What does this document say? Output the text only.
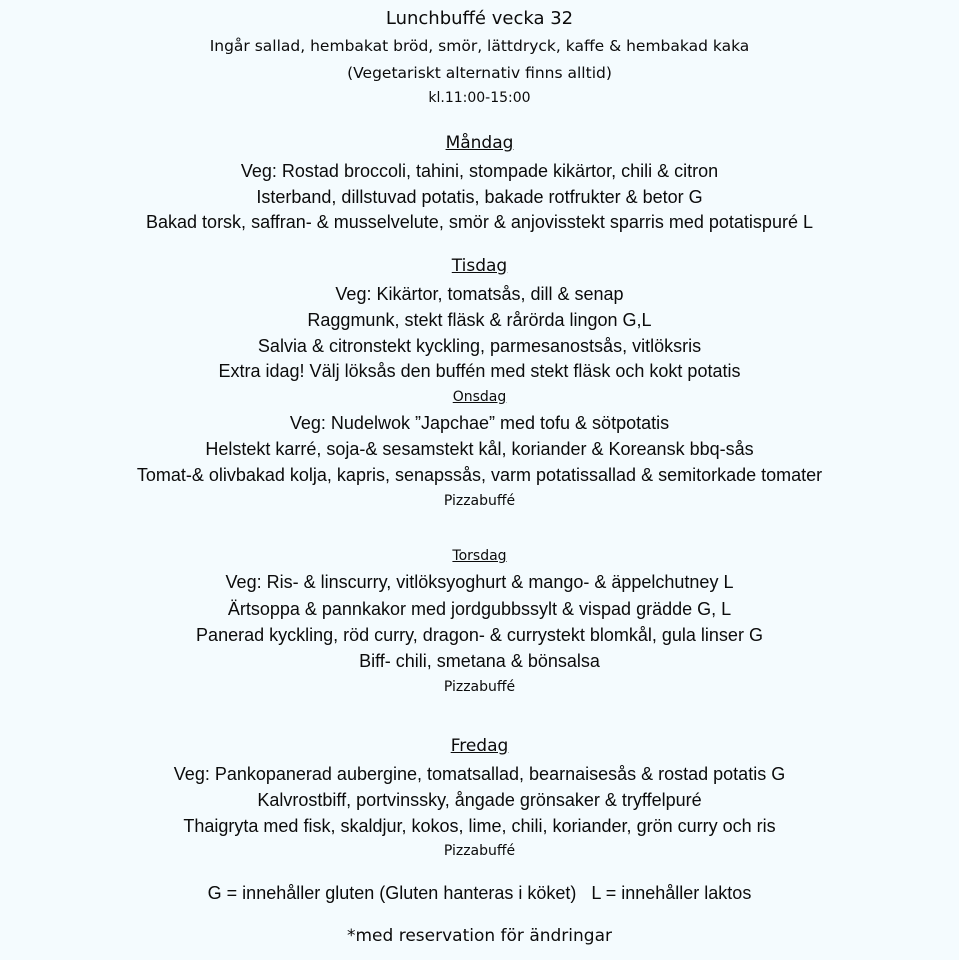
Lunchbuffé vecka 32
Ingår sallad, hembakat bröd, smör, lättdryck, kaffe & hembakad kaka
(Vegetariskt alternativ finns alltid)
kl.11:00-15:00
Måndag
Veg: Rostad broccoli, tahini, stompade kikärtor, chili & citron
Isterband, dillstuvad potatis, bakade rotfrukter & betor G
Bakad torsk, saffran- & musselvelute, smör & anjovisstekt sparris med potatispuré L
Tisdag
Veg: Kikärtor, tomatsås, dill & senap
Raggmunk, stekt fläsk & rårörda lingon G,L
Salvia & citronstekt kyckling, parmesanostsås, vitlöksris
Extra idag! Välj löksås den buffén med stekt fläsk och kokt potatis
Onsdag
Veg: Nudelwok ”Japchae” med tofu & sötpotatis
Helstekt karré, soja-& sesamstekt kål, koriander & Koreansk bbq-sås
Tomat-& olivbakad kolja, kapris, senapssås, varm potatissallad & semitorkade tomater
Pizzabuffé
Torsdag
Veg: Ris- & linscurry, vitlöksyoghurt & mango- & äppelchutney L
Ärtsoppa & pannkakor med jordgubbssylt & vispad grädde G, L
Panerad kyckling, röd curry, dragon- & currystekt blomkål, gula linser G
Biff- chili, smetana & bönsalsa
Pizzabuffé
Fredag
Veg: Pankopanerad aubergine, tomatsallad, bearnaisesås & rostad potatis G
Kalvrostbiff, portvinssky, ångade grönsaker & tryffelpuré
Thaigryta med fisk, skaldjur, kokos, lime, chili, koriander, grön curry och ris
Pizzabuffé
G = innehåller gluten (Gluten hanteras i köket)   L = innehåller laktos
*med reservation för ändringar
